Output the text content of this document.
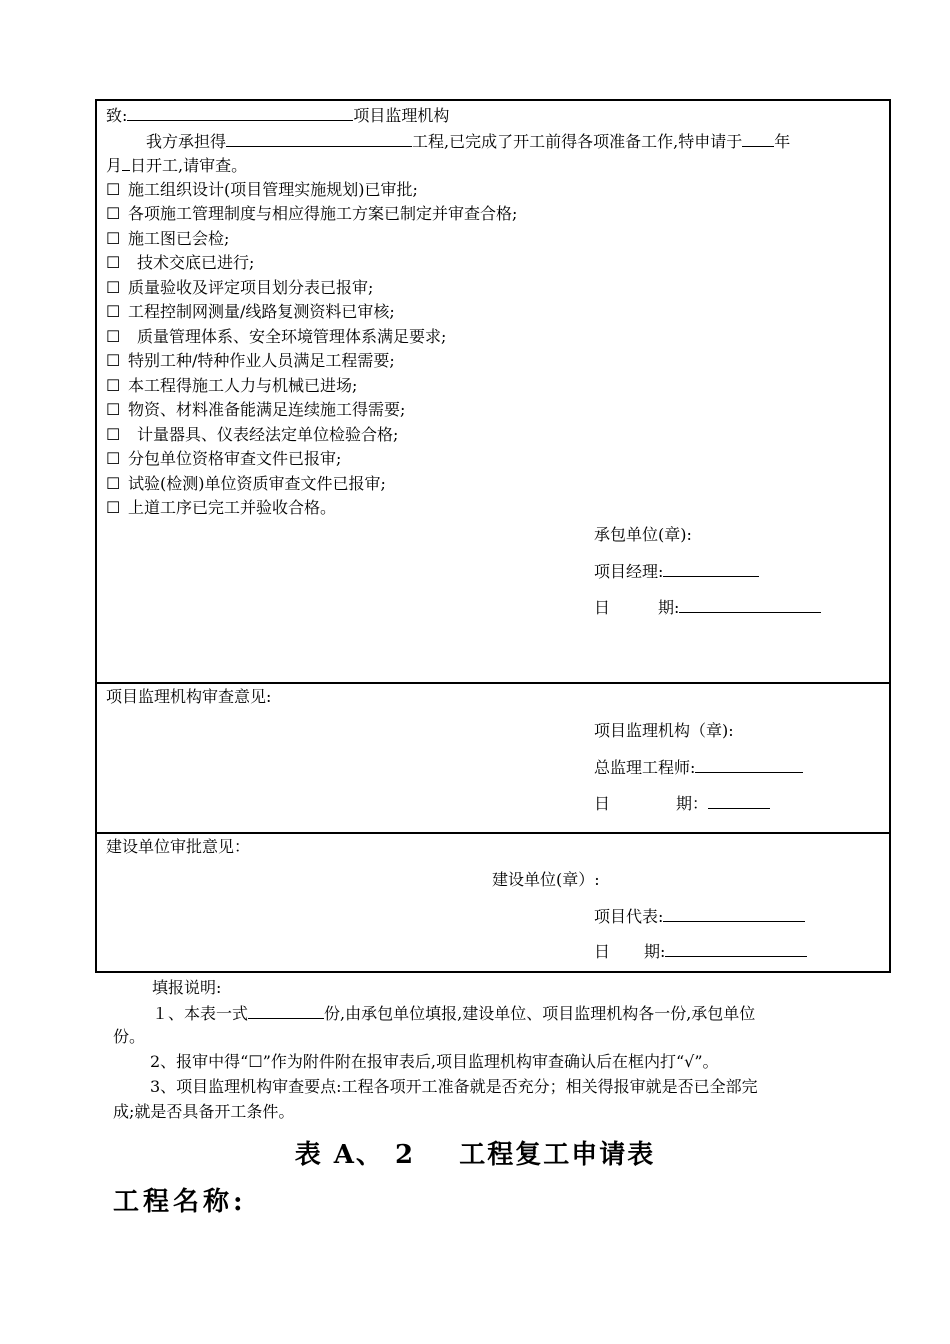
致:	项目监理机构
我方承担得	工程,已完成了开工前得各项准备工作,特申请于 年
月 日开工,请审查。
☐ 施工组织设计(项目管理实施规划)已审批;
☐ 各项施工管理制度与相应得施工方案已制定并审查合格;
☐ 施工图已会检;
☐ 技术交底已进行;
☐ 质量验收及评定项目划分表已报审;
☐ 工程控制网测量/线路复测资料已审核;
☐ 质量管理体系、安全环境管理体系满足要求;
☐ 特别工种/特种作业人员满足工程需要;
☐ 本工程得施工人力与机械已进场;
☐ 物资、材料准备能满足连续施工得需要;
☐ 计量器具、仪表经法定单位检验合格;
☐ 分包单位资格审查文件已报审;
☐ 试验(检测)单位资质审查文件已报审;
☐ 上道工序已完工并验收合格。
承包单位(章):
项目经理:
日	期:
项目监理机构审查意见:
项目监理机构（章):
总监理工程师:
日	期：
建设单位审批意见：
建设单位(章）:
项目代表:
日 期:
填报说明:
１、本表一式	份,由承包单位填报,建设单位、项目监理机构各一份,承包单位
份。
2、报审中得“☐”作为附件附在报审表后,项目监理机构审查确认后在框内打“√”。
3、项目监理机构审查要点:工程各项开工准备就是否充分；相关得报审就是否已全部完
成;就是否具备开工条件。
表 A、 2    工程复工申请表
工程名称:
